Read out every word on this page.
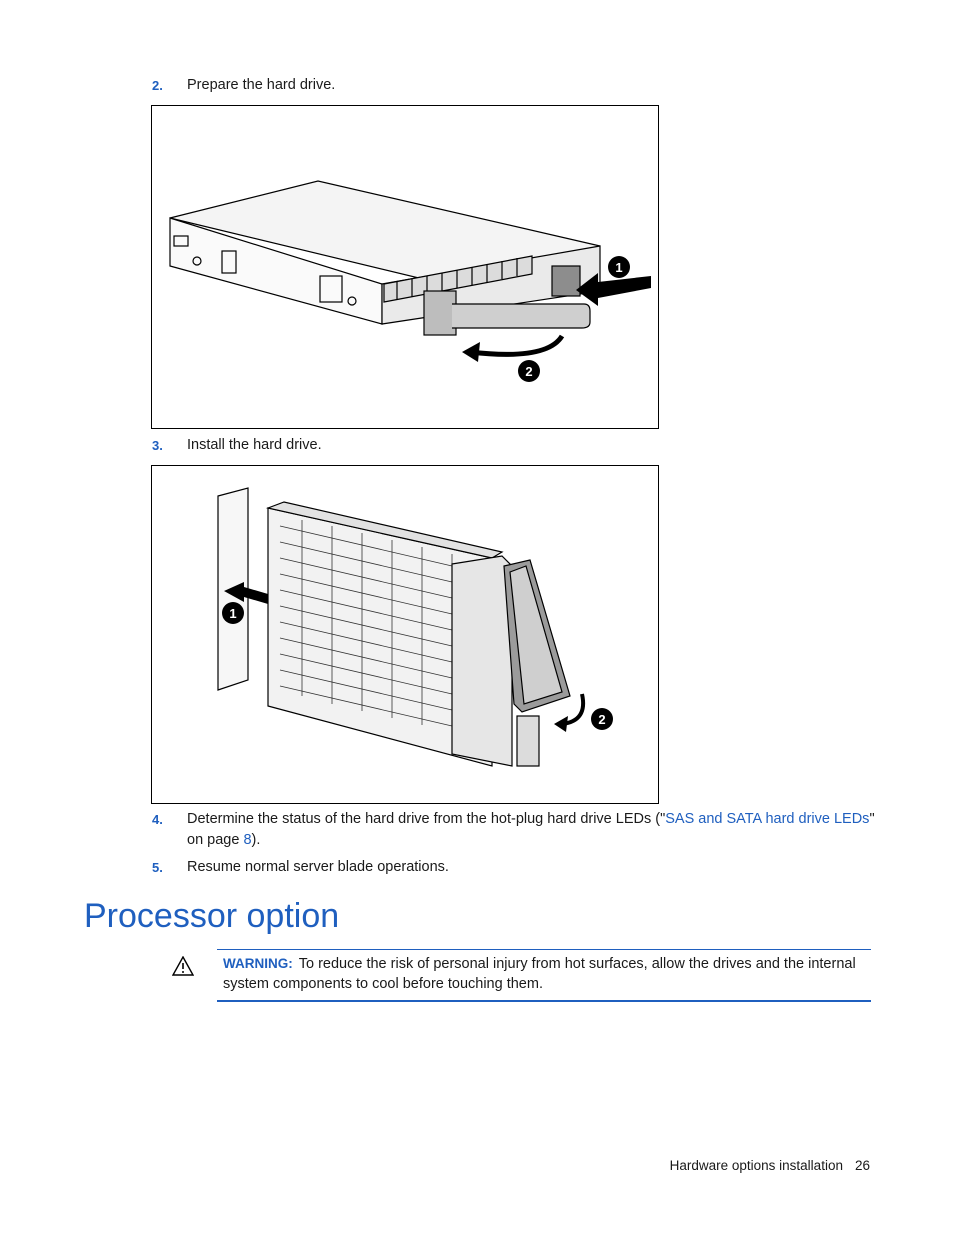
2. Prepare the hard drive.
1
2
3. Install the hard drive.
1
2
4. Determine the status of the hard drive from the hot-plug hard drive LEDs ("SAS and SATA hard drive LEDs" on page 8).
5. Resume normal server blade operations.
Processor option
WARNING: To reduce the risk of personal injury from hot surfaces, allow the drives and the internal system components to cool before touching them.
Hardware options installation 26
